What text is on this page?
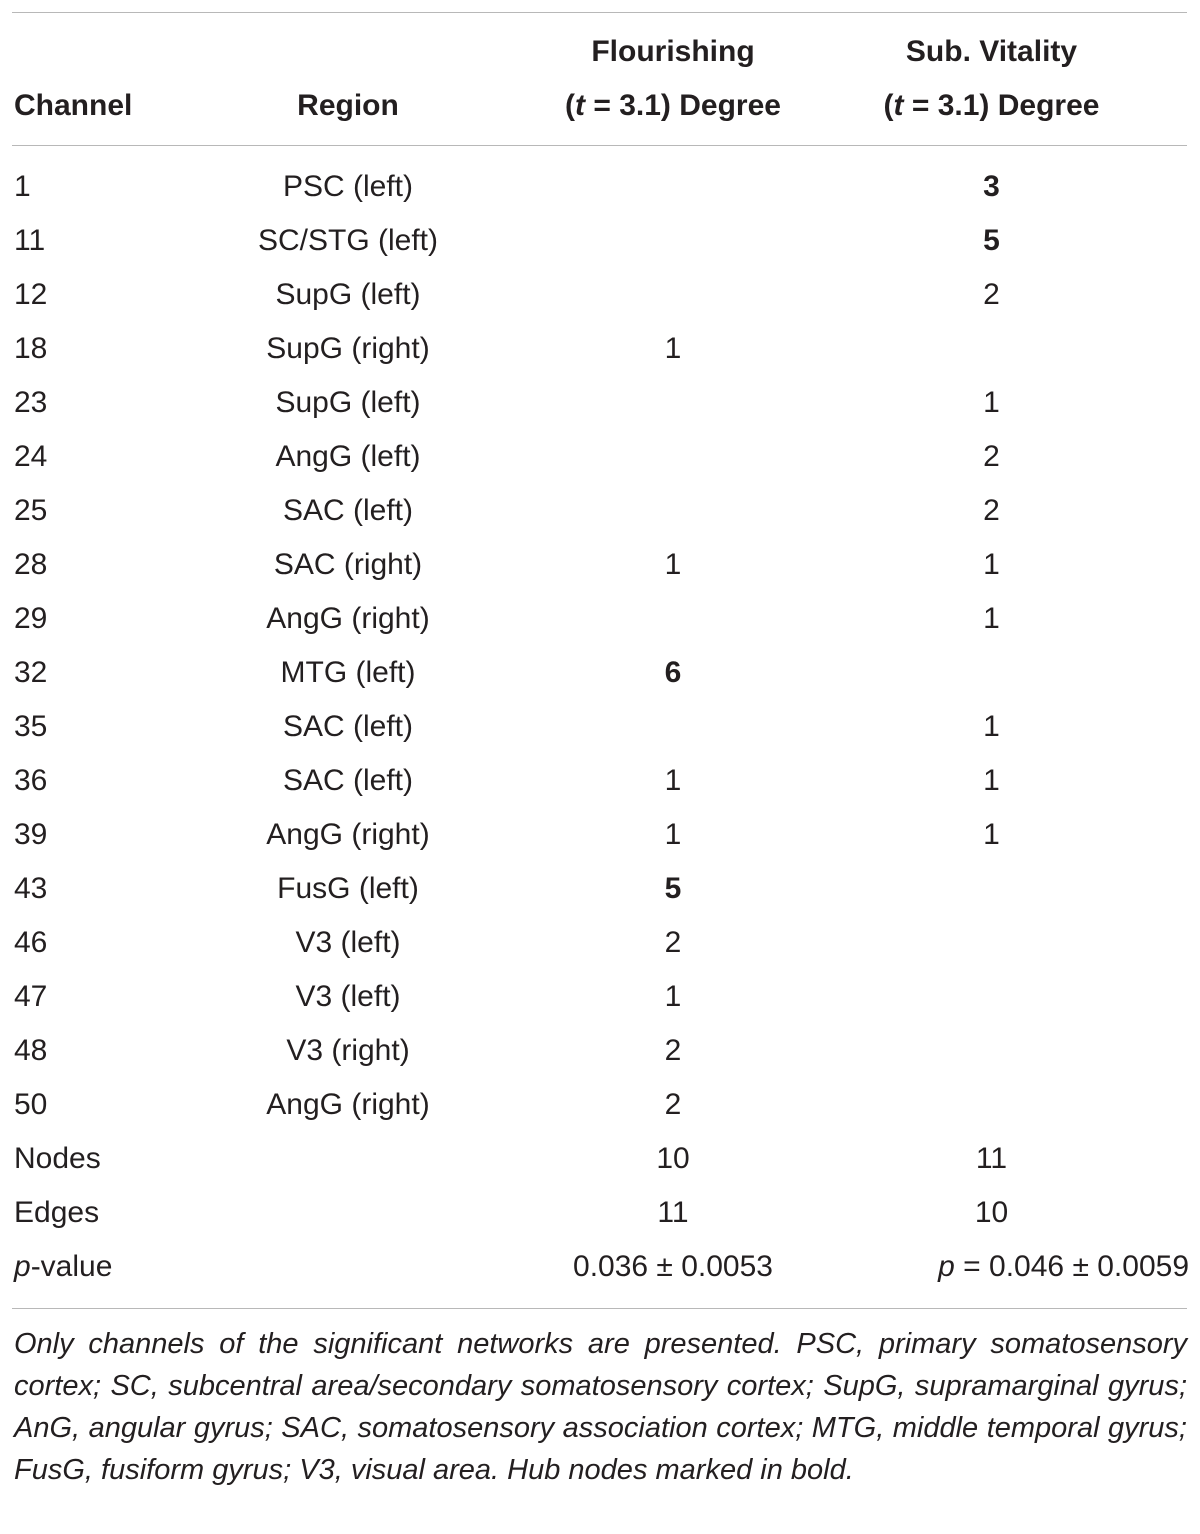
		Flourishing	Sub. Vitality
Channel	Region	(t = 3.1) Degree	(t = 3.1) Degree

1	PSC (left)		3
11	SC/STG (left)		5
12	SupG (left)		2
18	SupG (right)	1	
23	SupG (left)		1
24	AngG (left)		2
25	SAC (left)		2
28	SAC (right)	1	1
29	AngG (right)		1
32	MTG (left)	6	
35	SAC (left)		1
36	SAC (left)	1	1
39	AngG (right)	1	1
43	FusG (left)	5	
46	V3 (left)	2	
47	V3 (left)	1	
48	V3 (right)	2	
50	AngG (right)	2	
Nodes		10	11
Edges		11	10
p-value		0.036 ± 0.0053	p = 0.046 ± 0.0059

Only channels of the significant networks are presented. PSC, primary somatosensory cortex; SC, subcentral area/secondary somatosensory cortex; SupG, supramarginal gyrus; AnG, angular gyrus; SAC, somatosensory association cortex; MTG, middle temporal gyrus; FusG, fusiform gyrus; V3, visual area. Hub nodes marked in bold.
